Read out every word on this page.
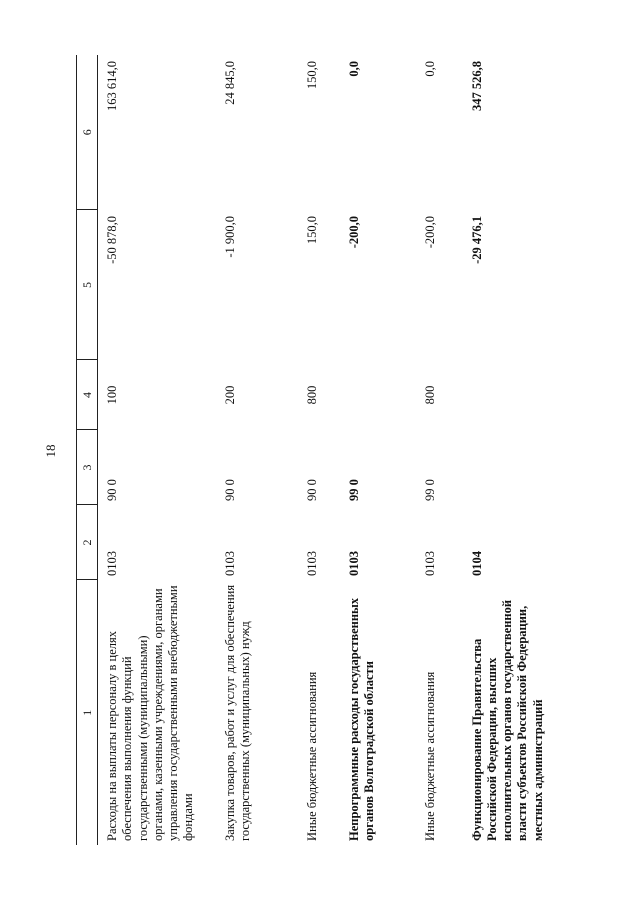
18
1	2	3	4	5	6
Расходы на выплаты персоналу в целях обеспечения выполнения функций государственными (муниципальными) органами, казенными учреждениями, органами управления государственными внебюджетными фондами	0103	90 0	100	-50 878,0	163 614,0
Закупка товаров, работ и услуг для обеспечения государственных (муниципальных) нужд	0103	90 0	200	-1 900,0	24 845,0
Иные бюджетные ассигнования	0103	90 0	800	150,0	150,0
Непрограммные расходы государственных органов Волгоградской области	0103	99 0		-200,0	0,0
Иные бюджетные ассигнования	0103	99 0	800	-200,0	0,0
Функционирование Правительства Российской Федерации, высших исполнительных органов государственной власти субъектов Российской Федерации, местных администраций	0104			-29 476,1	347 526,8
